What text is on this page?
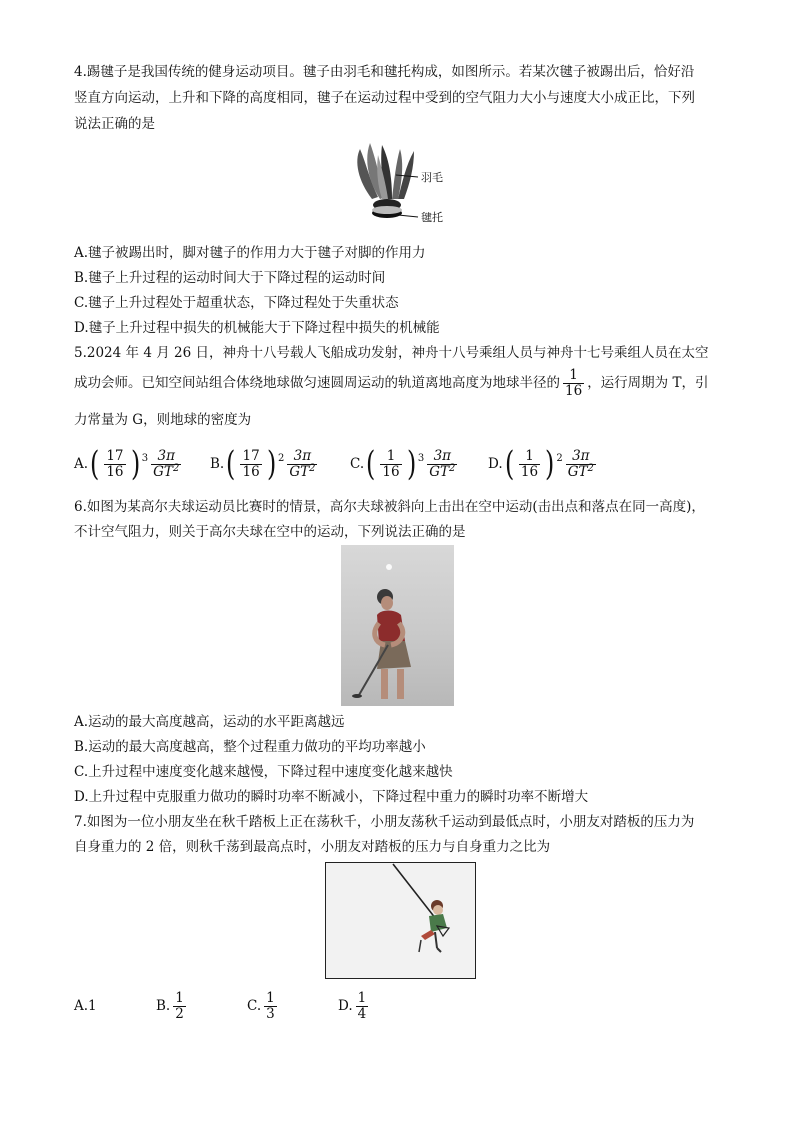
4.踢毽子是我国传统的健身运动项目。毽子由羽毛和毽托构成，如图所示。若某次毽子被踢出后，恰好沿
竖直方向运动，上升和下降的高度相同，毽子在运动过程中受到的空气阻力大小与速度大小成正比，下列
说法正确的是
羽毛
毽托
A.毽子被踢出时，脚对毽子的作用力大于毽子对脚的作用力
B.毽子上升过程的运动时间大于下降过程的运动时间
C.毽子上升过程处于超重状态，下降过程处于失重状态
D.毽子上升过程中损失的机械能大于下降过程中损失的机械能
5.2024 年 4 月 26 日，神舟十八号载人飞船成功发射，神舟十八号乘组人员与神舟十七号乘组人员在太空
成功会师。已知空间站组合体绕地球做匀速圆周运动的轨道离地高度为地球半径的 $\frac{1}{16}$ ，运行周期为 T，引
力常量为 G，则地球的密度为
A. ( $\frac{17}{16}$ ) $3 \frac{3\pi}{GT^2} B$. ( $\frac{17}{16}$ ) $2 \frac{3\pi}{GT^2} C$. ( $\frac{1}{16}$ ) $3 \frac{3\pi}{GT^2} D$. ( $\frac{1}{16}$ ) $2 \frac{3\pi}{GT^2}$
6.如图为某高尔夫球运动员比赛时的情景，高尔夫球被斜向上击出在空中运动(击出点和落点在同一高度)，
不计空气阻力，则关于高尔夫球在空中的运动，下列说法正确的是
A.运动的最大高度越高，运动的水平距离越远
B.运动的最大高度越高，整个过程重力做功的平均功率越小
C.上升过程中速度变化越来越慢，下降过程中速度变化越来越快
D.上升过程中克服重力做功的瞬时功率不断减小，下降过程中重力的瞬时功率不断增大
7.如图为一位小朋友坐在秋千踏板上正在荡秋千，小朋友荡秋千运动到最低点时，小朋友对踏板的压力为
自身重力的 2 倍，则秋千荡到最高点时，小朋友对踏板的压力与自身重力之比为
A. 1	B. $\frac{1}{2}$	C. $\frac{1}{3}$	D. $\frac{1}{4}$
